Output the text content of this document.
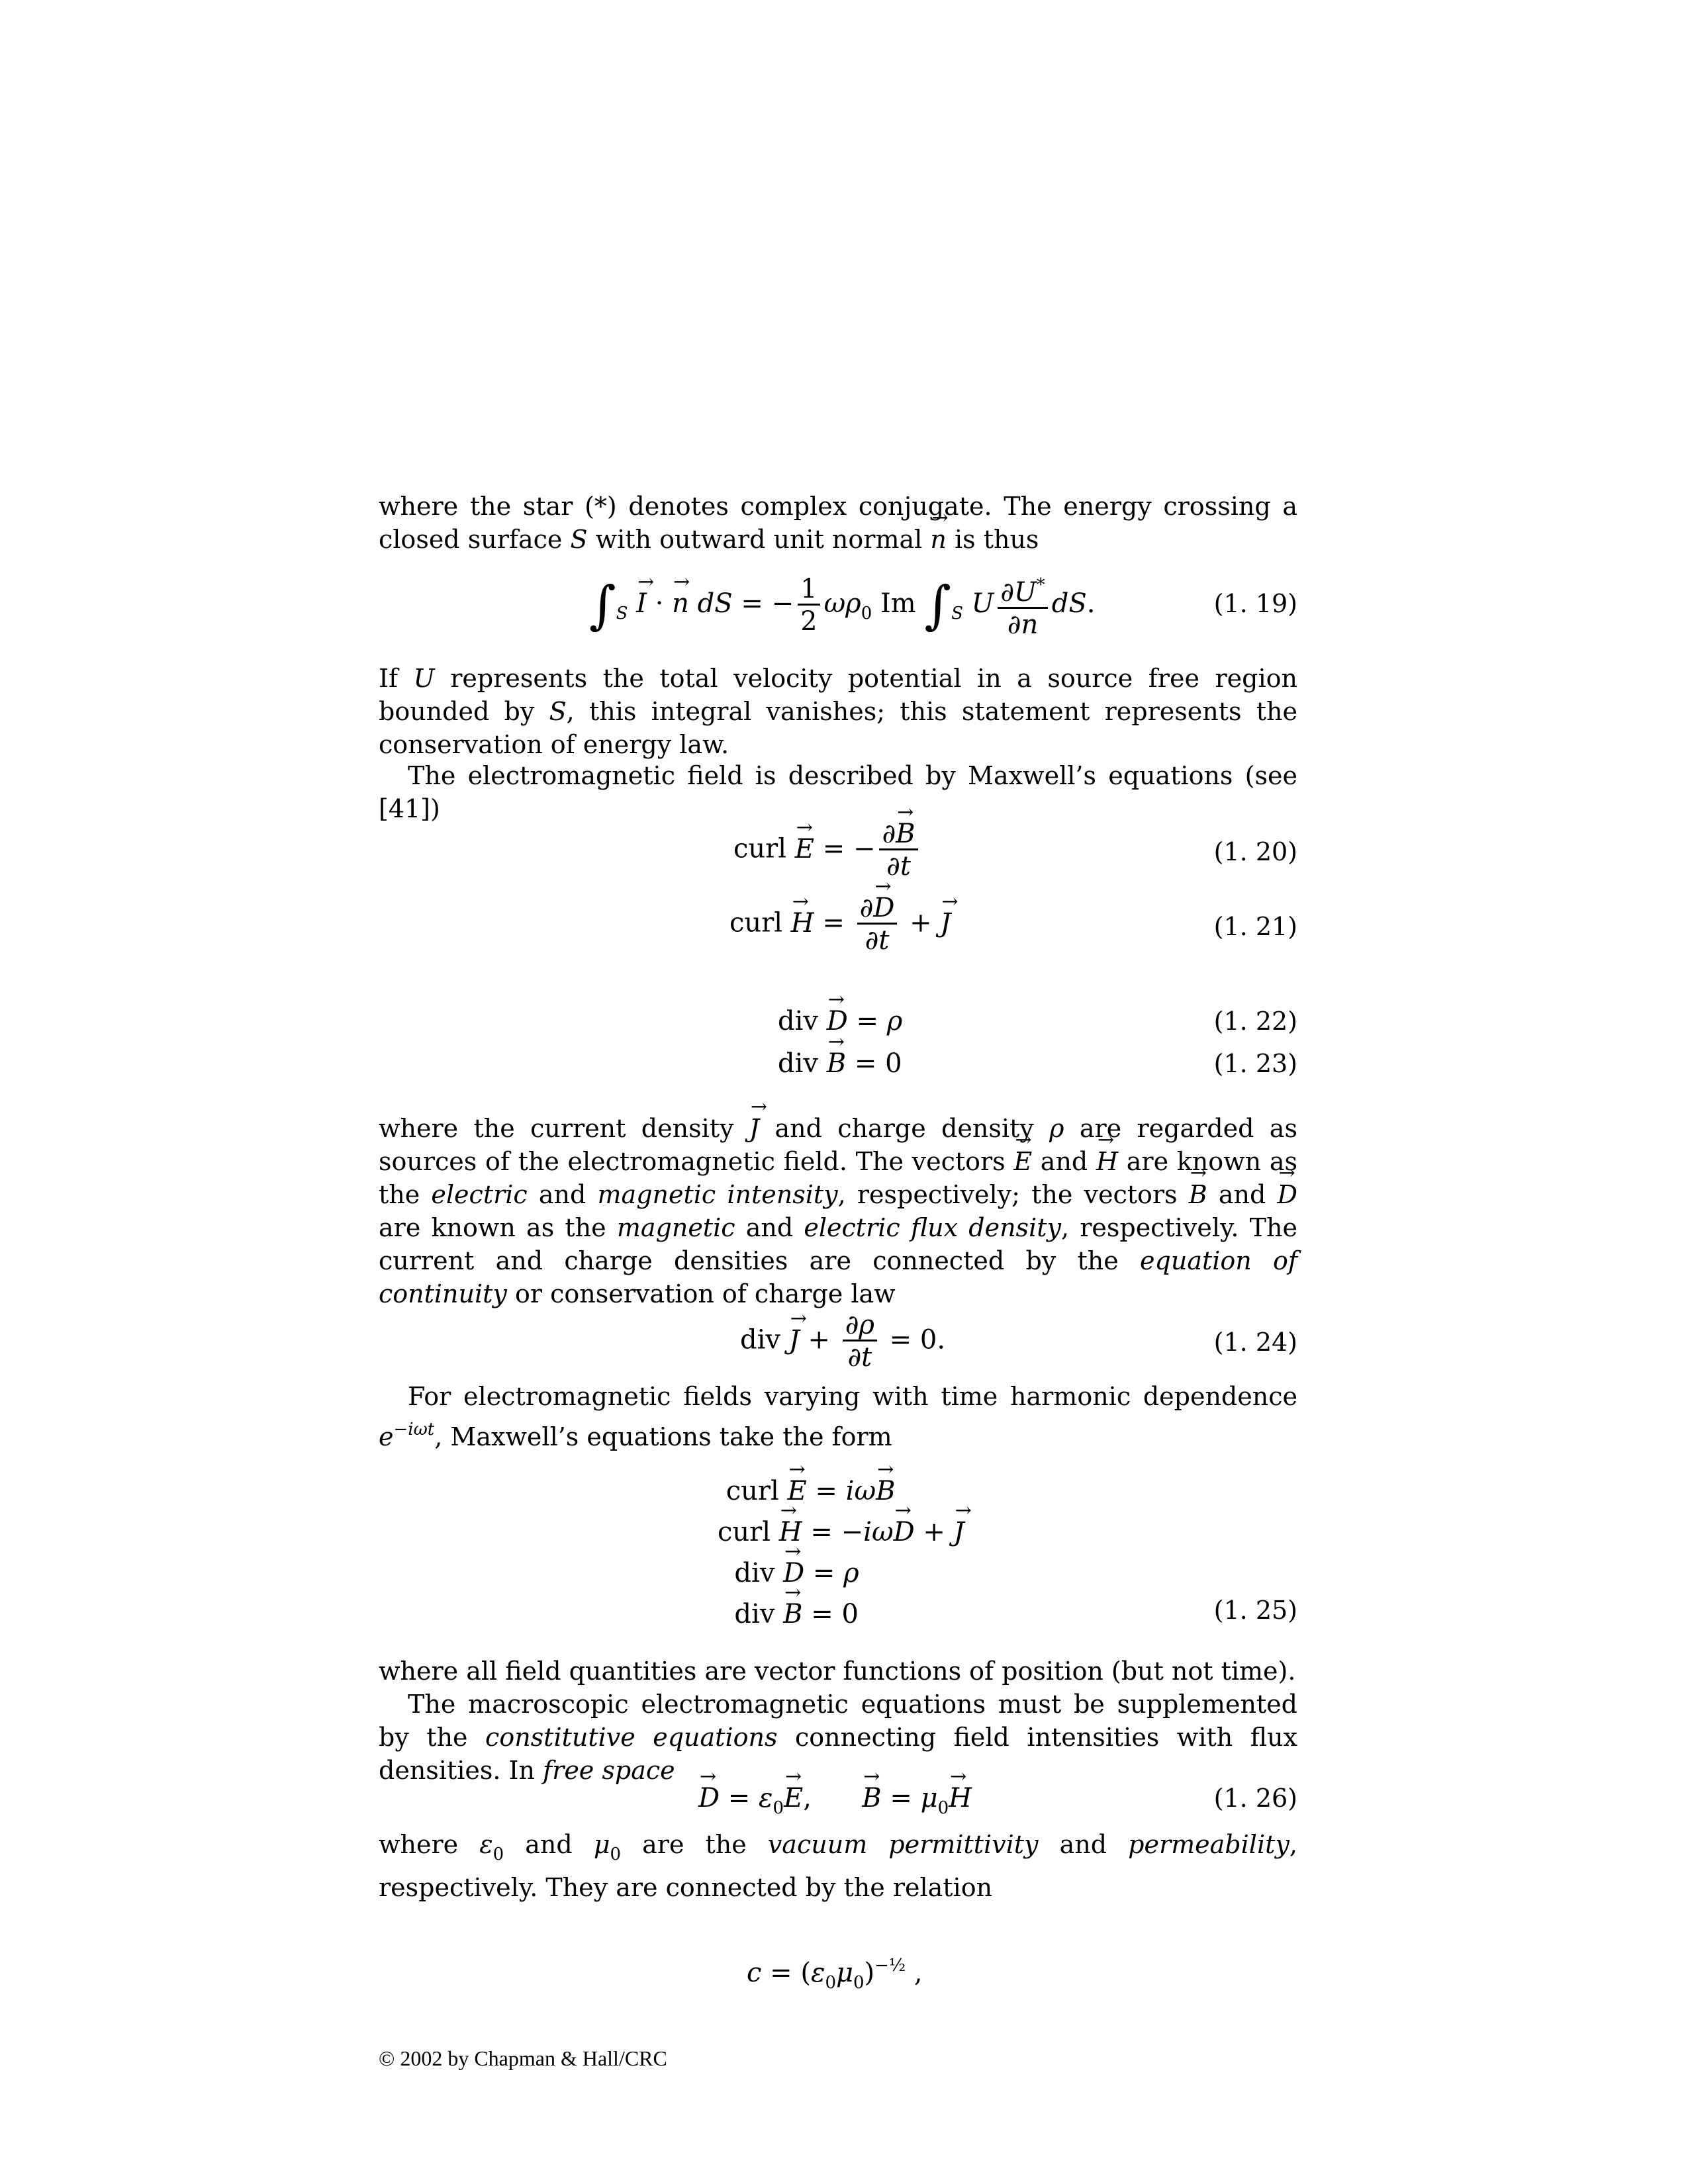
where the star (*) denotes complex conjugate. The energy crossing a closed surface S with outward unit normal n → is thus
$\int_S$ I → · n → dS = − $\frac{1}{2} \omega\rho_0$ Im $\int_S$ U $\frac{\partial U^*}{\partial n}$ dS.	(1. 19)
If U represents the total velocity potential in a source free region bounded by S, this integral vanishes; this statement represents the conservation of energy law.
The electromagnetic field is described by Maxwell’s equations (see [41])
curl E → = − $\frac{\partial B \to}{\partial t}$	(1. 20)
curl H → = $\frac{\partial D \to}{\partial t} + J$ →	(1. 21)
div D → = ρ	(1. 22)
div B → = 0	(1. 23)
where the current density J → and charge density ρ are regarded as sources of the electromagnetic field. The vectors E → and H → are known as the electric and magnetic intensity, respectively; the vectors B → and D → are known as the magnetic and electric flux density, respectively. The current and charge densities are connected by the equation of continuity or conservation of charge law
div J → + $\frac{\partial\rho}{\partial t} = 0$.	(1. 24)
For electromagnetic fields varying with time harmonic dependence $e^{-i\omega t}$, Maxwell’s equations take the form
curl E → = iωB →
curl H → = −iωD → + J →
div D → = ρ
div B → = 0	(1. 25)
where all field quantities are vector functions of position (but not time).
The macroscopic electromagnetic equations must be supplemented by the constitutive equations connecting field intensities with flux densities. In free space
D → = $\varepsilon_0E$ →,      B → = $\mu_0H$ →	(1. 26)
where $\varepsilon_0$ and $\mu_0$ are the vacuum permittivity and permeability, respectively. They are connected by the relation
$c = (\varepsilon_0\mu_0)^{-\frac{1}{2}}$ ,
© 2002 by Chapman & Hall/CRC
